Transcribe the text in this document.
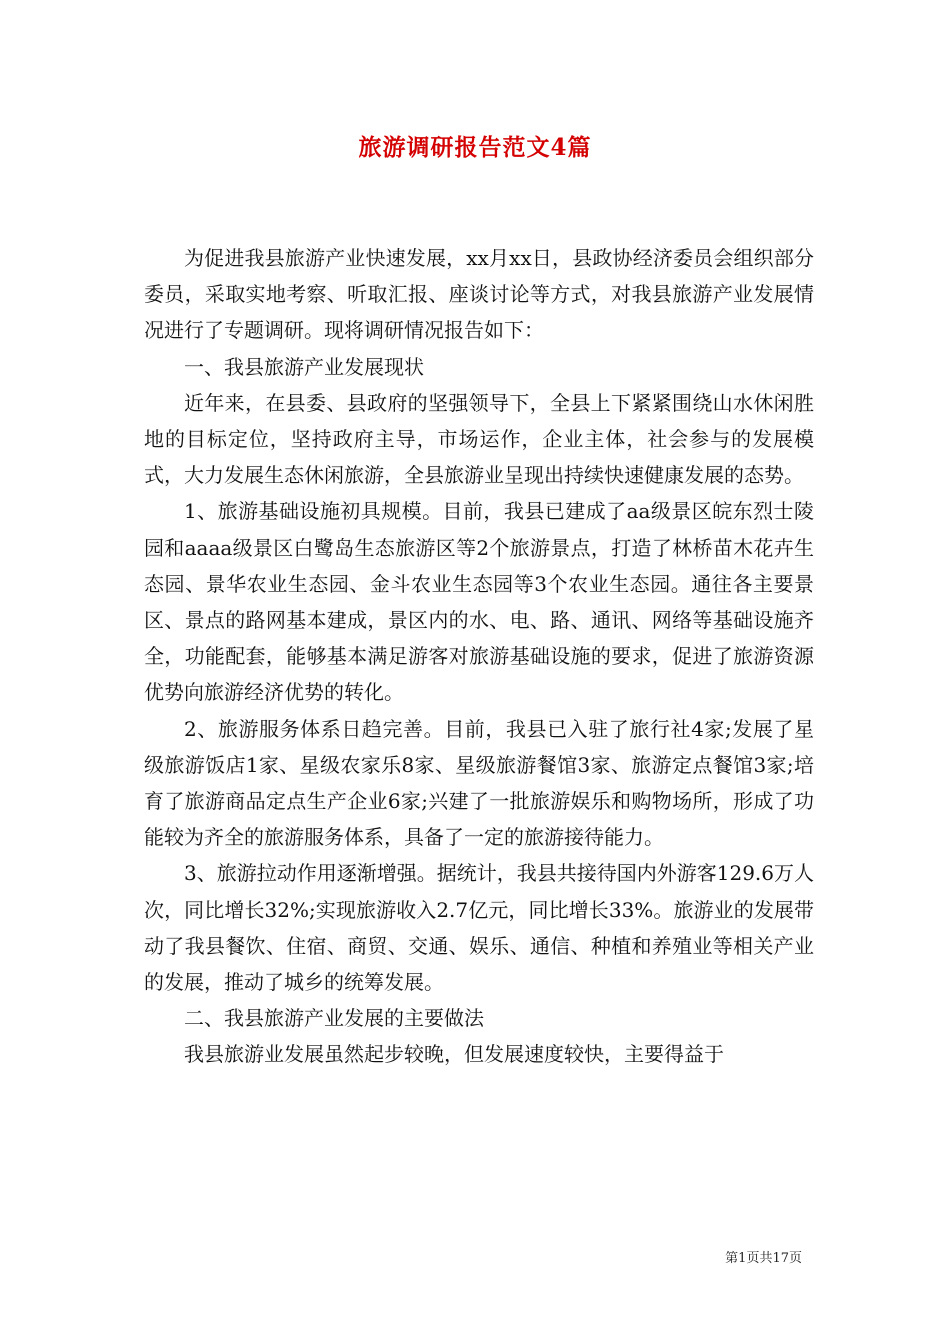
旅游调研报告范文4篇

为促进我县旅游产业快速发展，xx月xx日，县政协经济委员会组织部分委员，采取实地考察、听取汇报、座谈讨论等方式，对我县旅游产业发展情况进行了专题调研。现将调研情况报告如下：

一、我县旅游产业发展现状

近年来，在县委、县政府的坚强领导下，全县上下紧紧围绕山水休闲胜地的目标定位，坚持政府主导，市场运作，企业主体，社会参与的发展模式，大力发展生态休闲旅游，全县旅游业呈现出持续快速健康发展的态势。

1、旅游基础设施初具规模。目前，我县已建成了aa级景区皖东烈士陵园和aaaa级景区白鹭岛生态旅游区等2个旅游景点，打造了林桥苗木花卉生态园、景华农业生态园、金斗农业生态园等3个农业生态园。通往各主要景区、景点的路网基本建成，景区内的水、电、路、通讯、网络等基础设施齐全，功能配套，能够基本满足游客对旅游基础设施的要求，促进了旅游资源优势向旅游经济优势的转化。

2、旅游服务体系日趋完善。目前，我县已入驻了旅行社4家;发展了星级旅游饭店1家、星级农家乐8家、星级旅游餐馆3家、旅游定点餐馆3家;培育了旅游商品定点生产企业6家;兴建了一批旅游娱乐和购物场所，形成了功能较为齐全的旅游服务体系，具备了一定的旅游接待能力。

3、旅游拉动作用逐渐增强。据统计，我县共接待国内外游客129.6万人次，同比增长32%;实现旅游收入2.7亿元，同比增长33%。旅游业的发展带动了我县餐饮、住宿、商贸、交通、娱乐、通信、种植和养殖业等相关产业的发展，推动了城乡的统筹发展。

二、我县旅游产业发展的主要做法

我县旅游业发展虽然起步较晚，但发展速度较快，主要得益于

第1页共17页
